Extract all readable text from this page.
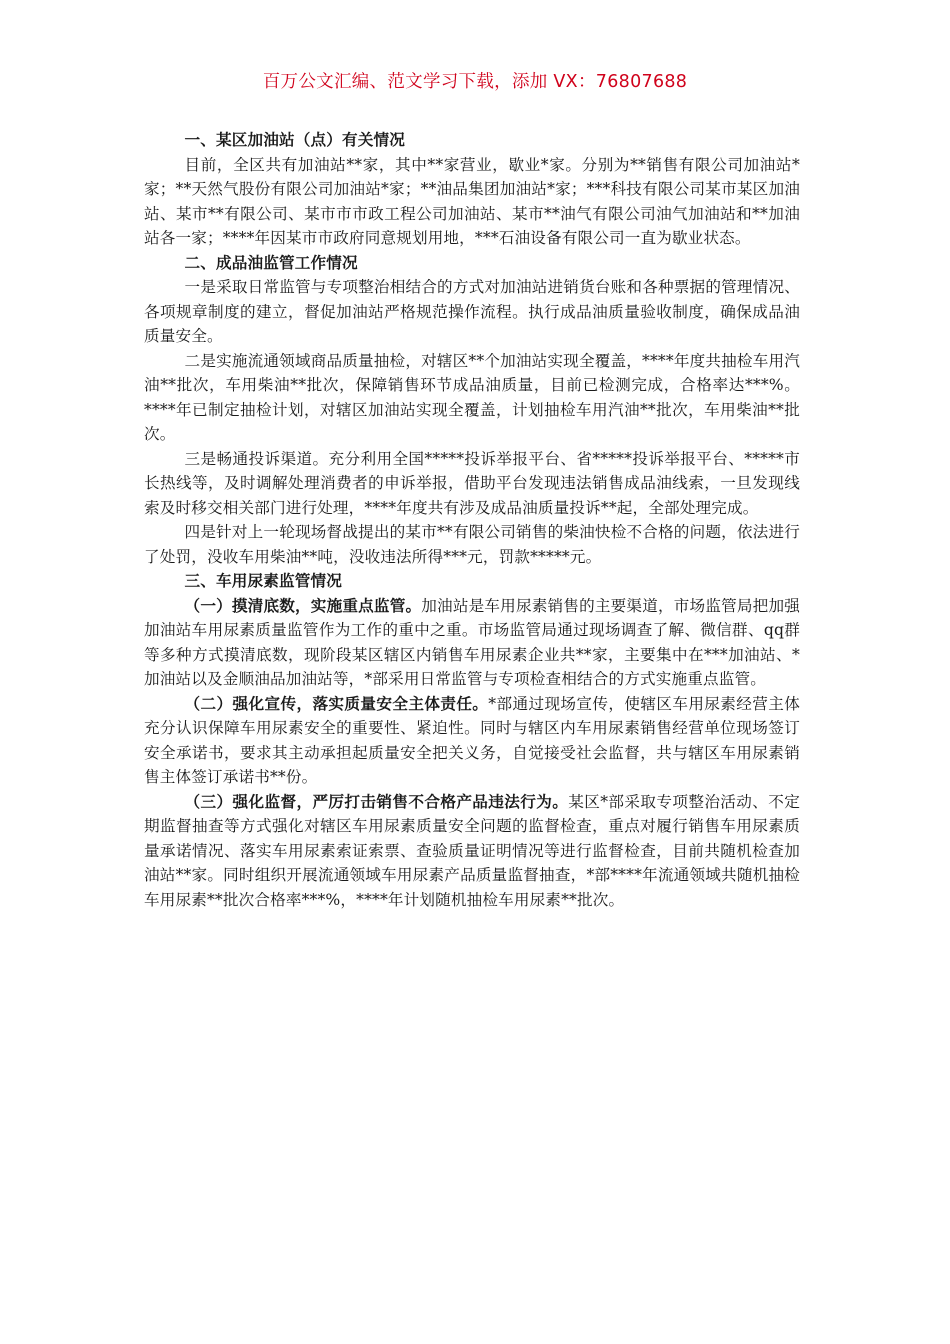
百万公文汇编、范文学习下载，添加 VX：76807688

一、某区加油站（点）有关情况

目前，全区共有加油站**家，其中**家营业，歇业*家。分别为**销售有限公司加油站*家；**天然气股份有限公司加油站*家；**油品集团加油站*家；***科技有限公司某市某区加油站、某市**有限公司、某市市市政工程公司加油站、某市**油气有限公司油气加油站和**加油站各一家；****年因某市市政府同意规划用地，***石油设备有限公司一直为歇业状态。

二、成品油监管工作情况

一是采取日常监管与专项整治相结合的方式对加油站进销货台账和各种票据的管理情况、各项规章制度的建立，督促加油站严格规范操作流程。执行成品油质量验收制度，确保成品油质量安全。

二是实施流通领域商品质量抽检，对辖区**个加油站实现全覆盖，****年度共抽检车用汽油**批次，车用柴油**批次，保障销售环节成品油质量，目前已检测完成，合格率达***%。****年已制定抽检计划，对辖区加油站实现全覆盖，计划抽检车用汽油**批次，车用柴油**批次。

三是畅通投诉渠道。充分利用全国*****投诉举报平台、省*****投诉举报平台、*****市长热线等，及时调解处理消费者的申诉举报，借助平台发现违法销售成品油线索，一旦发现线索及时移交相关部门进行处理，****年度共有涉及成品油质量投诉**起，全部处理完成。

四是针对上一轮现场督战提出的某市**有限公司销售的柴油快检不合格的问题，依法进行了处罚，没收车用柴油**吨，没收违法所得***元，罚款*****元。

三、车用尿素监管情况

（一）摸清底数，实施重点监管。加油站是车用尿素销售的主要渠道，市场监管局把加强加油站车用尿素质量监管作为工作的重中之重。市场监管局通过现场调查了解、微信群、qq群等多种方式摸清底数，现阶段某区辖区内销售车用尿素企业共**家，主要集中在***加油站、*加油站以及金顺油品加油站等，*部采用日常监管与专项检查相结合的方式实施重点监管。

（二）强化宣传，落实质量安全主体责任。*部通过现场宣传，使辖区车用尿素经营主体充分认识保障车用尿素安全的重要性、紧迫性。同时与辖区内车用尿素销售经营单位现场签订安全承诺书，要求其主动承担起质量安全把关义务，自觉接受社会监督，共与辖区车用尿素销售主体签订承诺书**份。

（三）强化监督，严厉打击销售不合格产品违法行为。某区*部采取专项整治活动、不定期监督抽查等方式强化对辖区车用尿素质量安全问题的监督检查，重点对履行销售车用尿素质量承诺情况、落实车用尿素索证索票、查验质量证明情况等进行监督检查，目前共随机检查加油站**家。同时组织开展流通领域车用尿素产品质量监督抽查，*部****年流通领域共随机抽检车用尿素**批次合格率***%，****年计划随机抽检车用尿素**批次。
